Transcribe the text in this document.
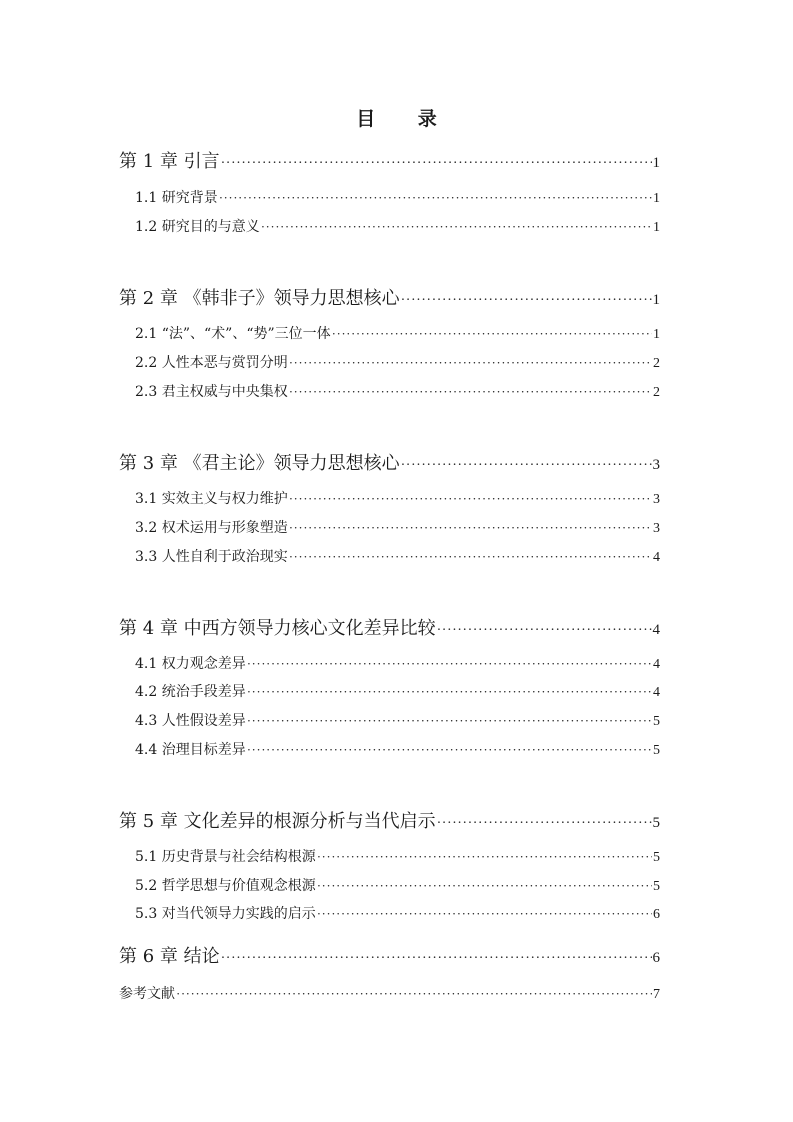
目 录
第 1 章 引言 ·····	1
1.1 研究背景 ·····	1
1.2 研究目的与意义 ·····	1
第 2 章 《韩非子》领导力思想核心 ·····	1
2.1 “法”、“术”、“势”三位一体 ·····	1
2.2 人性本恶与赏罚分明 ·····	2
2.3 君主权威与中央集权 ·····	2
第 3 章 《君主论》领导力思想核心 ·····	3
3.1 实效主义与权力维护 ·····	3
3.2 权术运用与形象塑造 ·····	3
3.3 人性自利于政治现实 ·····	4
第 4 章 中西方领导力核心文化差异比较 ·····	4
4.1 权力观念差异 ·····	4
4.2 统治手段差异 ·····	4
4.3 人性假设差异 ·····	5
4.4 治理目标差异 ·····	5
第 5 章 文化差异的根源分析与当代启示 ·····	5
5.1 历史背景与社会结构根源 ·····	5
5.2 哲学思想与价值观念根源 ·····	5
5.3 对当代领导力实践的启示 ·····	6
第 6 章 结论 ·····	6
参考文献 ·····	7
